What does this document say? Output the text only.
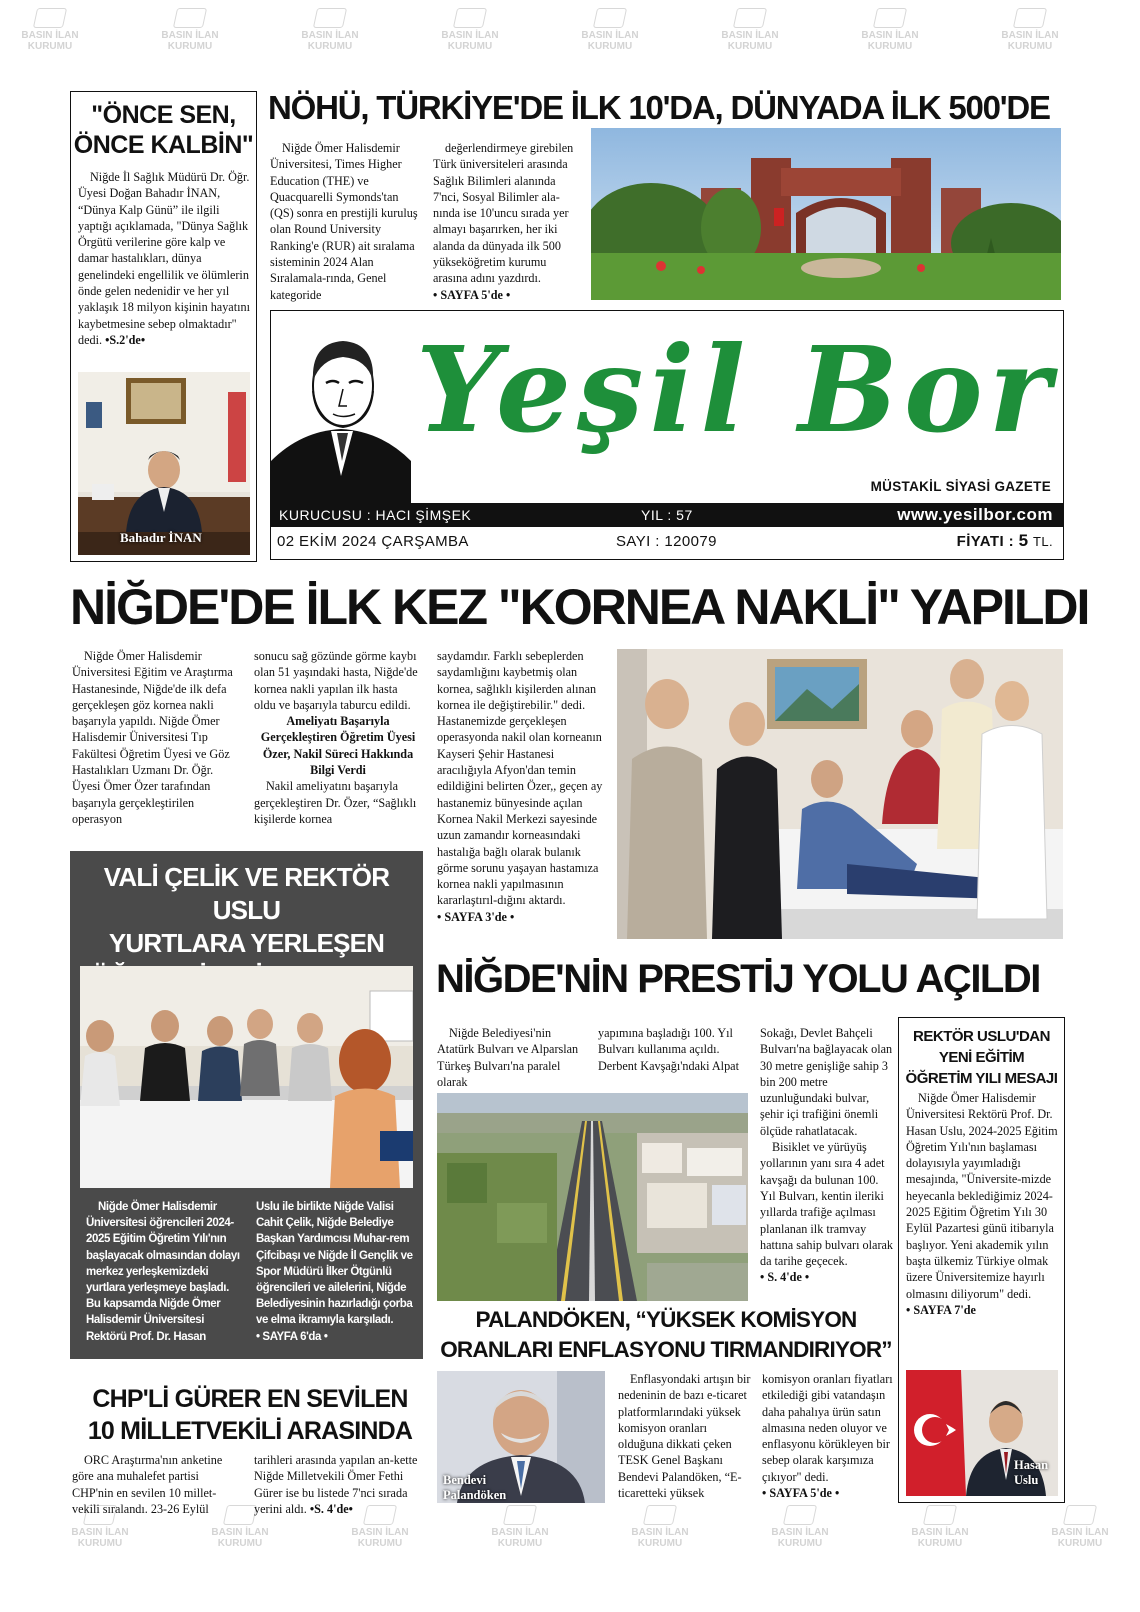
BASIN İLAN
KURUMU
BASIN İLAN
KURUMU
BASIN İLAN
KURUMU
BASIN İLAN
KURUMU
BASIN İLAN
KURUMU
BASIN İLAN
KURUMU
BASIN İLAN
KURUMU
BASIN İLAN
KURUMU
BASIN İLAN
KURUMU
BASIN İLAN
KURUMU
BASIN İLAN
KURUMU
BASIN İLAN
KURUMU
BASIN İLAN
KURUMU
BASIN İLAN
KURUMU
BASIN İLAN
KURUMU
BASIN İLAN
KURUMU
"ÖNCE SEN,
ÖNCE KALBİN"

Niğde İl Sağlık Müdürü Dr. Öğr. Üyesi Doğan Bahadır İNAN, “Dünya Kalp Günü” ile ilgili yaptığı açıklamada, "Dünya Sağlık Örgütü verilerine göre kalp ve damar hastalıkları, dünya genelindeki engellilik ve ölümlerin önde gelen nedenidir ve her yıl yaklaşık 18 milyon kişinin hayatını kaybetmesine sebep olmaktadır" dedi. •S.2'de•

Bahadır İNAN
NÖHÜ, TÜRKİYE'DE İLK 10'DA, DÜNYADA İLK 500'DE

Niğde Ömer Halisdemir Üniversitesi, Times Higher Education (THE) ve Quacquarelli Symonds'tan (QS) sonra en prestijli kuruluş olan Round University Ranking'e (RUR) ait sıralama sisteminin 2024 Alan Sıralamala-rında, Genel kategoride

değerlendirmeye girebilen Türk üniversiteleri arasında Sağlık Bilimleri alanında 7'nci, Sosyal Bilimler ala-nında ise 10'uncu sırada yer almayı başarırken, her iki alanda da dünyada ilk 500 yükseköğretim kurumu arasına adını yazdırdı. • SAYFA 5'de •

Yeşil Bor
MÜSTAKİL SİYASİ GAZETE
KURUCUSU : HACI ŞİMŞEK	YIL : 57	www.yesilbor.com
02 EKİM 2024 ÇARŞAMBA	SAYI : 120079	FİYATI : 5 TL.
NİĞDE'DE İLK KEZ "KORNEA NAKLİ" YAPILDI

Niğde Ömer Halisdemir Üniversitesi Eğitim ve Araştırma Hastanesinde, Niğde'de ilk defa gerçekleşen göz kornea nakli başarıyla yapıldı. Niğde Ömer Halisdemir Üniversitesi Tıp Fakültesi Öğretim Üyesi ve Göz Hastalıkları Uzmanı Dr. Öğr. Üyesi Ömer Özer tarafından başarıyla gerçekleştirilen operasyon

sonucu sağ gözünde görme kaybı olan 51 yaşındaki hasta, Niğde'de kornea nakli yapılan ilk hasta oldu ve başarıyla taburcu edildi.

Ameliyatı Başarıyla Gerçekleştiren Öğretim Üyesi Özer, Nakil Süreci Hakkında Bilgi Verdi

Nakil ameliyatını başarıyla gerçekleştiren Dr. Özer, “Sağlıklı kişilerde kornea

saydamdır. Farklı sebeplerden saydamlığını kaybetmiş olan kornea, sağlıklı kişilerden alınan kornea ile değiştirebilir." dedi. Hastanemizde gerçekleşen operasyonda nakil olan korneanın Kayseri Şehir Hastanesi aracılığıyla Afyon'dan temin edildiğini belirten Özer,, geçen ay hastanemiz bünyesinde açılan Kornea Nakil Merkezi sayesinde uzun zamandır korneasındaki hastalığa bağlı olarak bulanık görme sorunu yaşayan hastamıza kornea nakli yapılmasının kararlaştırıl-dığını aktardı. • SAYFA 3'de •

VALİ ÇELİK VE REKTÖR USLU
YURTLARA YERLEŞEN

Niğde Ömer Halisdemir Üniversitesi öğrencileri 2024-2025 Eğitim Öğretim Yılı'nın başlayacak olmasından dolayı merkez yerleşkemizdeki yurtlara yerleşmeye başladı. Bu kapsamda Niğde Ömer Halisdemir Üniversitesi Rektörü Prof. Dr. Hasan

Uslu ile birlikte Niğde Valisi Cahit Çelik, Niğde Belediye Başkan Yardımcısı Muhar-rem Çifcibaşı ve Niğde İl Gençlik ve Spor Müdürü İlker Ötgünlü öğrencileri ve ailelerini, Niğde Belediyesinin hazırladığı çorba ve elma ikramıyla karşıladı. • SAYFA 6'da •

NİĞDE'NİN PRESTİJ YOLU AÇILDI

Niğde Belediyesi'nin Atatürk Bulvarı ve Alparslan Türkeş Bulvarı'na paralel olarak

yapımına başladığı 100. Yıl Bulvarı kullanıma açıldı. Derbent Kavşağı'ndaki Alpat

Sokağı, Devlet Bahçeli Bulvarı'na bağlayacak olan 30 metre genişliğe sahip 3 bin 200 metre uzunluğundaki bulvar, şehir içi trafiğini önemli ölçüde rahatlatacak.

Bisiklet ve yürüyüş yollarının yanı sıra 4 adet kavşağı da bulunan 100. Yıl Bulvarı, kentin ileriki yıllarda trafiğe açılması planlanan ilk tramvay hattına sahip bulvarı olarak da tarihe geçecek. • S. 4'de •

REKTÖR USLU'DAN
YENİ EĞİTİM
ÖĞRETİM YILI MESAJI

Niğde Ömer Halisdemir Üniversitesi Rektörü Prof. Dr. Hasan Uslu, 2024-2025 Eğitim Öğretim Yılı'nın başlaması dolayısıyla yayımladığı mesajında, "Üniversite-mizde heyecanla beklediğimiz 2024-2025 Eğitim Öğretim Yılı 30 Eylül Pazartesi günü itibarıyla başlıyor. Yeni akademik yılın başta ülkemiz Türkiye olmak üzere Üniversitemize hayırlı olmasını diliyorum" dedi. • SAYFA 7'de

Hasan
Uslu
PALANDÖKEN, “YÜKSEK KOMİSYON
ORANLARI ENFLASYONU TIRMANDIRIYOR”
Bendevi
Palandöken

Enflasyondaki artışın bir nedeninin de bazı e-ticaret platformlarındaki yüksek komisyon oranları olduğuna dikkati çeken TESK Genel Başkanı Bendevi Palandöken, “E-ticaretteki yüksek

komisyon oranları fiyatları etkilediği gibi vatandaşın daha pahalıya ürün satın almasına neden oluyor ve enflasyonu körükleyen bir sebep olarak karşımıza çıkıyor" dedi. • SAYFA 5'de •

CHP'Lİ GÜRER EN SEVİLEN
10 MİLLETVEKİLİ ARASINDA

ORC Araştırma'nın anketine göre ana muhalefet partisi CHP'nin en sevilen 10 millet-vekili sıralandı. 23-26 Eylül

tarihleri arasında yapılan an-kette Niğde Milletvekili Ömer Fethi Gürer ise bu listede 7'nci sırada yerini aldı. •S. 4'de•
